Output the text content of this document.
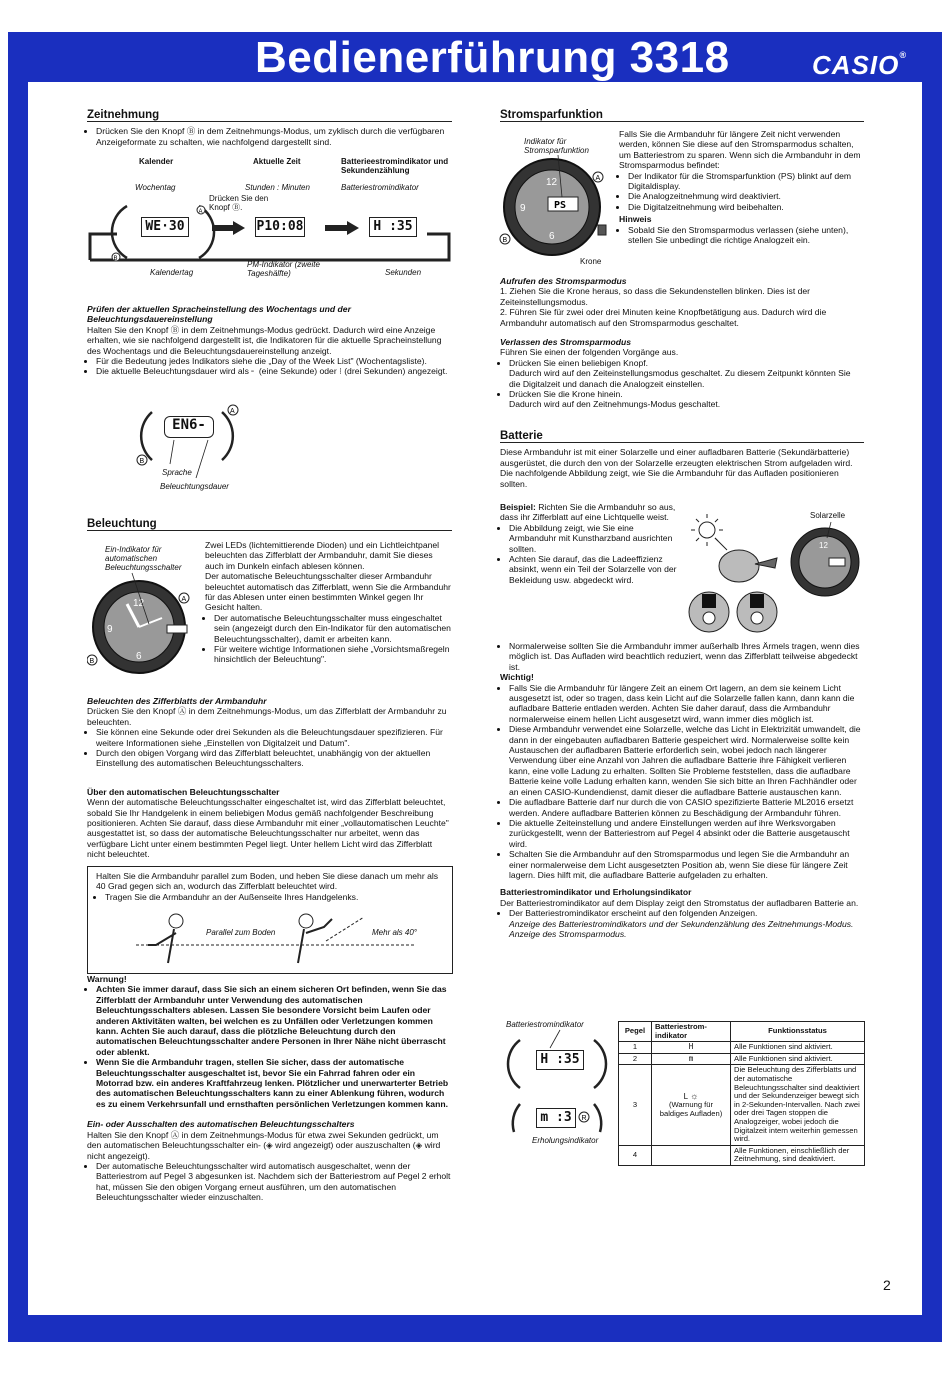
Bedienerführung 3318	CASIO®
Zeitnehmung
• Drücken Sie den Knopf Ⓑ in dem Zeitnehmungs-Modus, um zyklisch durch die verfügbaren Anzeigeformate zu schalten, wie nachfolgend dargestellt sind.
Kalender	Aktuelle Zeit	Batterieestromindikator und Sekundenzählung
Wochentag	Stunden : Minuten	Batteriestromindikator
Drücken Sie den Knopf Ⓑ.
B
A
WE·30	P10:08	H :35
Kalendertag
PM-Indikator (zweite Tageshälfte)	Sekunden

Prüfen der aktuellen Spracheinstellung des Wochentags und der Beleuchtungsdauereinstellung

Halten Sie den Knopf Ⓑ in dem Zeitnehmungs-Modus gedrückt. Dadurch wird eine Anzeige erhalten, wie sie nachfolgend dargestellt ist, die Indikatoren für die aktuelle Spracheinstellung des Wochentags und die Beleuchtungsdauereinstellung anzeigt.

• Für die Bedeutung jedes Indikators siehe die „Day of the Week List" (Wochentagsliste).
• Die aktuelle Beleuchtungsdauer wird als ╴ (eine Sekunde) oder ⁝ (drei Sekunden) angezeigt.
A
B
EN6-
Sprache
Beleuchtungsdauer
Beleuchtung
Ein-Indikator für automatischen Beleuchtungsschalter
12
6
9
A
B

Zwei LEDs (lichtemittierende Dioden) und ein Lichtleichtpanel beleuchten das Zifferblatt der Armbanduhr, damit Sie dieses auch im Dunkeln einfach ablesen können.

Der automatische Beleuchtungsschalter dieser Armbanduhr beleuchtet automatisch das Zifferblatt, wenn Sie die Armbanduhr für das Ablesen unter einen bestimmten Winkel gegen Ihr Gesicht halten.

• Der automatische Beleuchtungsschalter muss eingeschaltet sein (angezeigt durch den Ein-Indikator für den automatischen Beleuchtungsschalter), damit er arbeiten kann.
• Für weitere wichtige Informationen siehe „Vorsichtsmaßregeln hinsichtlich der Beleuchtung".

Beleuchten des Zifferblatts der Armbanduhr

Drücken Sie den Knopf Ⓐ in dem Zeitnehmungs-Modus, um das Zifferblatt der Armbanduhr zu beleuchten.

• Sie können eine Sekunde oder drei Sekunden als die Beleuchtungsdauer spezifizieren. Für weitere Informationen siehe „Einstellen von Digitalzeit und Datum".
• Durch den obigen Vorgang wird das Zifferblatt beleuchtet, unabhängig von der aktuellen Einstellung des automatischen Beleuchtungsschalters.

Über den automatischen Beleuchtungsschalter

Wenn der automatische Beleuchtungsschalter eingeschaltet ist, wird das Zifferblatt beleuchtet, sobald Sie Ihr Handgelenk in einem beliebigen Modus gemäß nachfolgender Beschreibung positionieren. Achten Sie darauf, dass diese Armbanduhr mit einer „vollautomatischen Leuchte" ausgestattet ist, so dass der automatische Beleuchtungsschalter nur arbeitet, wenn das verfügbare Licht unter einem bestimmten Pegel liegt. Unter hellem Licht wird das Zifferblatt nicht beleuchtet.

Halten Sie die Armbanduhr parallel zum Boden, und heben Sie diese danach um mehr als 40 Grad gegen sich an, wodurch das Zifferblatt beleuchtet wird.

• Tragen Sie die Armbanduhr an der Außenseite Ihres Handgelenks.
Parallel zum Boden	Mehr als 40°

Warnung!

• Achten Sie immer darauf, dass Sie sich an einem sicheren Ort befinden, wenn Sie das Zifferblatt der Armbanduhr unter Verwendung des automatischen Beleuchtungsschalters ablesen. Lassen Sie besondere Vorsicht beim Laufen oder anderen Aktivitäten walten, bei welchen es zu Unfällen oder Verletzungen kommen kann. Achten Sie auch darauf, dass die plötzliche Beleuchtung durch den automatischen Beleuchtungsschalter andere Personen in Ihrer Nähe nicht überrascht oder ablenkt.
• Wenn Sie die Armbanduhr tragen, stellen Sie sicher, dass der automatische Beleuchtungsschalter ausgeschaltet ist, bevor Sie ein Fahrrad fahren oder ein Motorrad bzw. ein anderes Kraftfahrzeug lenken. Plötzlicher und unerwarterter Betrieb des automatischen Beleuchtungsschalters kann zu einer Ablenkung führen, wodurch es zu einem Verkehrsunfall und ernsthaften persönlichen Verletzungen kommen kann.

Ein- oder Ausschalten des automatischen Beleuchtungsschalters

Halten Sie den Knopf Ⓐ in dem Zeitnehmungs-Modus für etwa zwei Sekunden gedrückt, um den automatischen Beleuchtungsschalter ein- (◈ wird angezeigt) oder auszuschalten (◈ wird nicht angezeigt).

• Der automatische Beleuchtungsschalter wird automatisch ausgeschaltet, wenn der Batteriestrom auf Pegel 3 abgesunken ist. Nachdem sich der Batteriestrom auf Pegel 2 erholt hat, müssen Sie den obigen Vorgang erneut ausführen, um den automatischen Beleuchtungsschalter wieder einzuschalten.
Stromsparfunktion
Indikator für Stromsparfunktion
PS
12
6
9
A
B
Krone

Falls Sie die Armbanduhr für längere Zeit nicht verwenden werden, können Sie diese auf den Stromsparmodus schalten, um Batteriestrom zu sparen. Wenn sich die Armbanduhr in dem Stromsparmodus befindet:

• Der Indikator für die Stromsparfunktion (PS) blinkt auf dem Digitaldisplay.
• Die Analogzeitnehmung wird deaktiviert.
• Die Digitalzeitnehmung wird beibehalten.

Hinweis

• Sobald Sie den Stromsparmodus verlassen (siehe unten), stellen Sie unbedingt die richtige Analogzeit ein.

Aufrufen des Stromsparmodus

1. Ziehen Sie die Krone heraus, so dass die Sekundenstellen blinken. Dies ist der Zeiteinstellungsmodus.

2. Führen Sie für zwei oder drei Minuten keine Knopfbetätigung aus. Dadurch wird die Armbanduhr automatisch auf den Stromsparmodus geschaltet.

Verlassen des Stromsparmodus

Führen Sie einen der folgenden Vorgänge aus.

• Drücken Sie einen beliebigen Knopf.
Dadurch wird auf den Zeiteinstellungsmodus geschaltet. Zu diesem Zeitpunkt könnten Sie die Digitalzeit und danach die Analogzeit einstellen.
• Drücken Sie die Krone hinein.
Dadurch wird auf den Zeitnehmungs-Modus geschaltet.
Batterie

Diese Armbanduhr ist mit einer Solarzelle und einer aufladbaren Batterie (Sekundärbatterie) ausgerüstet, die durch den von der Solarzelle erzeugten elektrischen Strom aufgeladen wird. Die nachfolgende Abbildung zeigt, wie Sie die Armbanduhr für das Aufladen positionieren sollten.

Beispiel: Richten Sie die Armbanduhr so aus, dass ihr Zifferblatt auf eine Lichtquelle weist.

• Die Abbildung zeigt, wie Sie eine Armbanduhr mit Kunstharzband ausrichten sollten.
• Achten Sie darauf, das die Ladeeffizienz absinkt, wenn ein Teil der Solarzelle von der Bekleidung usw. abgedeckt wird.
Solarzelle
12
• Normalerweise sollten Sie die Armbanduhr immer außerhalb Ihres Ärmels tragen, wenn dies möglich ist. Das Aufladen wird beachtlich reduziert, wenn das Zifferblatt teilweise abgedeckt ist.

Wichtig!

• Falls Sie die Armbanduhr für längere Zeit an einem Ort lagern, an dem sie keinem Licht ausgesetzt ist, oder so tragen, dass kein Licht auf die Solarzelle fallen kann, dann kann die aufladbare Batterie entladen werden. Achten Sie daher darauf, dass die Armbanduhr normalerweise einem hellen Licht ausgesetzt wird, wann immer dies möglich ist.
• Diese Armbanduhr verwendet eine Solarzelle, welche das Licht in Elektrizität umwandelt, die dann in der eingebauten aufladbaren Batterie gespeichert wird. Normalerweise sollte kein Austauschen der aufladbaren Batterie erforderlich sein, wobei jedoch nach längerer Verwendung über eine Anzahl von Jahren die aufladbare Batterie ihre Fähigkeit verlieren kann, eine volle Ladung zu erhalten. Sollten Sie Probleme feststellen, dass die aufladbare Batterie keine volle Ladung erhalten kann, wenden Sie sich bitte an Ihren Fachhändler oder an einen CASIO-Kundendienst, damit dieser die aufladbare Batterie austauschen kann.
• Die aufladbare Batterie darf nur durch die von CASIO spezifizierte Batterie ML2016 ersetzt werden. Andere aufladbare Batterien können zu Beschädigung der Armbanduhr führen.
• Die aktuelle Zeiteinstellung und andere Einstellungen werden auf ihre Werksvorgaben zurückgestellt, wenn der Batteriestrom auf Pegel 4 absinkt oder die Batterie ausgetauscht wird.
• Schalten Sie die Armbanduhr auf den Stromsparmodus und legen Sie die Armbanduhr an einer normalerweise dem Licht ausgesetzten Position ab, wenn Sie diese für längere Zeit lagern. Dies hilft mit, die aufladbare Batterie aufgeladen zu erhalten.

Batteriestromindikator und Erholungsindikator

Der Batteriestromindikator auf dem Display zeigt den Stromstatus der aufladbaren Batterie an.

• Der Batteriestromindikator erscheint auf den folgenden Anzeigen.
Anzeige des Batteriestromindikators und der Sekundenzählung des Zeitnehmungs-Modus.
Anzeige des Stromsparmodus.
Batteriestromindikator
R
H :35
m :3
Erholungsindikator
Pegel	Batteriestrom-indikator	Funktionsstatus
1	H	Alle Funktionen sind aktiviert.
2	m	Alle Funktionen sind aktiviert.
3	L ☼
(Warnung für baldiges Aufladen)	Die Beleuchtung des Zifferblatts und der automatische Beleuchtungsschalter sind deaktiviert und der Sekundenzeiger bewegt sich in 2-Sekunden-Intervallen. Nach zwei oder drei Tagen stoppen die Analogzeiger, wobei jedoch die Digitalzeit intern weiterhin gemessen wird.
4		Alle Funktionen, einschließlich der Zeitnehmung, sind deaktiviert.
2
